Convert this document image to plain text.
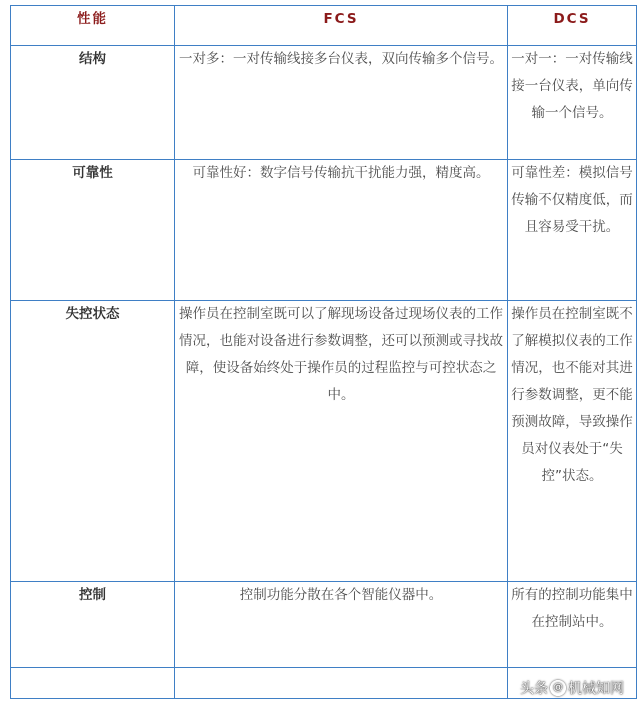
性能	FCS	DCS
结构	一对多：一对传输线接多台仪表，双向传输多个信号。	一对一：一对传输线接一台仪表，单向传输一个信号。
可靠性	可靠性好：数字信号传输抗干扰能力强，精度高。	可靠性差：模拟信号传输不仅精度低，而且容易受干扰。
失控状态	操作员在控制室既可以了解现场设备过现场仪表的工作情况，也能对设备进行参数调整，还可以预测或寻找故障，使设备始终处于操作员的过程监控与可控状态之中。	操作员在控制室既不了解模拟仪表的工作情况，也不能对其进行参数调整，更不能预测故障，导致操作员对仪表处于“失控”状态。
控制	控制功能分散在各个智能仪器中。	所有的控制功能集中在控制站中。

头条 @ 机械知网
